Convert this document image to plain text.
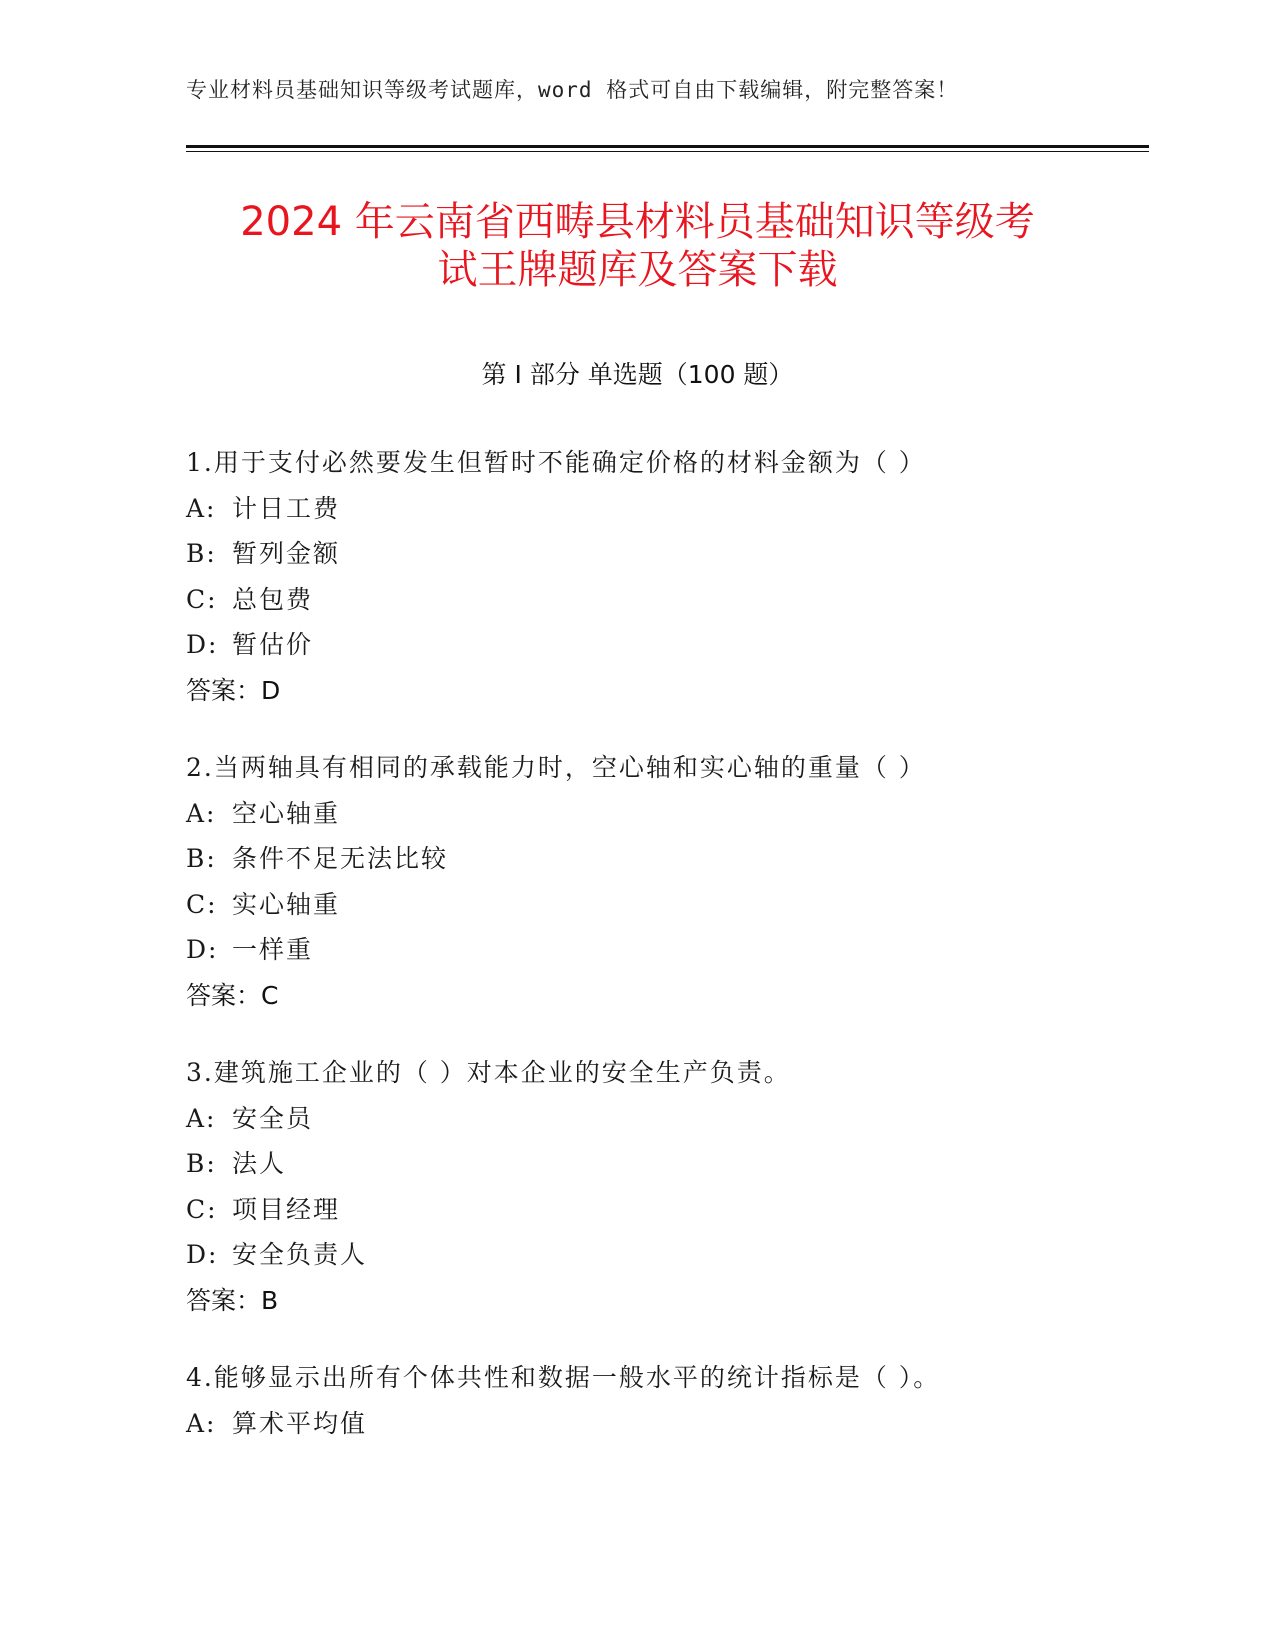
专业材料员基础知识等级考试题库，word 格式可自由下载编辑，附完整答案！
2024 年云南省西畴县材料员基础知识等级考
试王牌题库及答案下载
第 I 部分 单选题（100 题）
1.用于支付必然要发生但暂时不能确定价格的材料金额为（ ）
A: 计日工费
B: 暂列金额
C: 总包费
D: 暂估价
答案：D
2.当两轴具有相同的承载能力时，空心轴和实心轴的重量（ ）
A: 空心轴重
B: 条件不足无法比较
C: 实心轴重
D: 一样重
答案：C
3.建筑施工企业的（ ）对本企业的安全生产负责。
A: 安全员
B: 法人
C: 项目经理
D: 安全负责人
答案：B
4.能够显示出所有个体共性和数据一般水平的统计指标是（ ）。
A: 算术平均值
